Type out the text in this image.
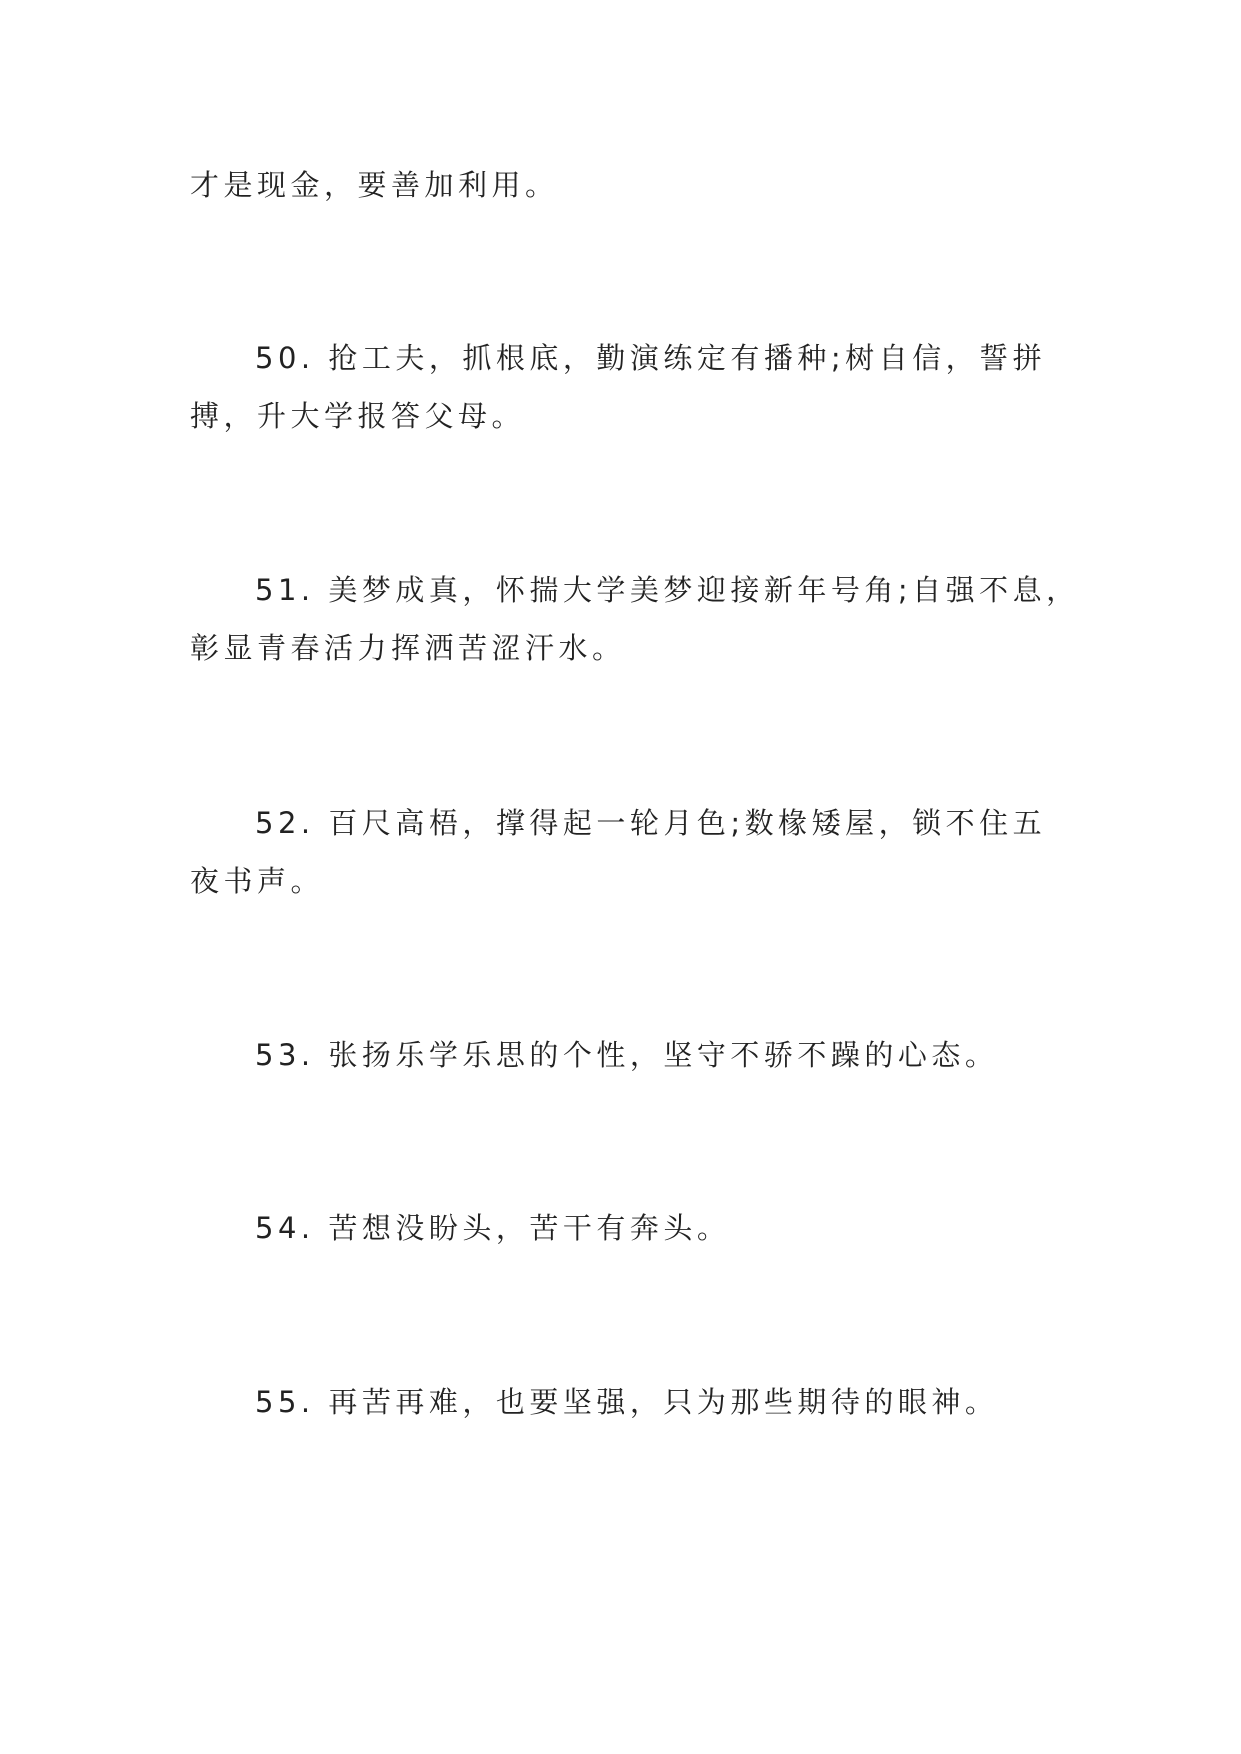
才是现金，要善加利用。
50. 抢工夫，抓根底，勤演练定有播种;树自信，誓拼
搏，升大学报答父母。
51. 美梦成真，怀揣大学美梦迎接新年号角;自强不息，
彰显青春活力挥洒苦涩汗水。
52. 百尺高梧，撑得起一轮月色;数椽矮屋，锁不住五
夜书声。
53. 张扬乐学乐思的个性，坚守不骄不躁的心态。
54. 苦想没盼头，苦干有奔头。
55. 再苦再难，也要坚强，只为那些期待的眼神。
